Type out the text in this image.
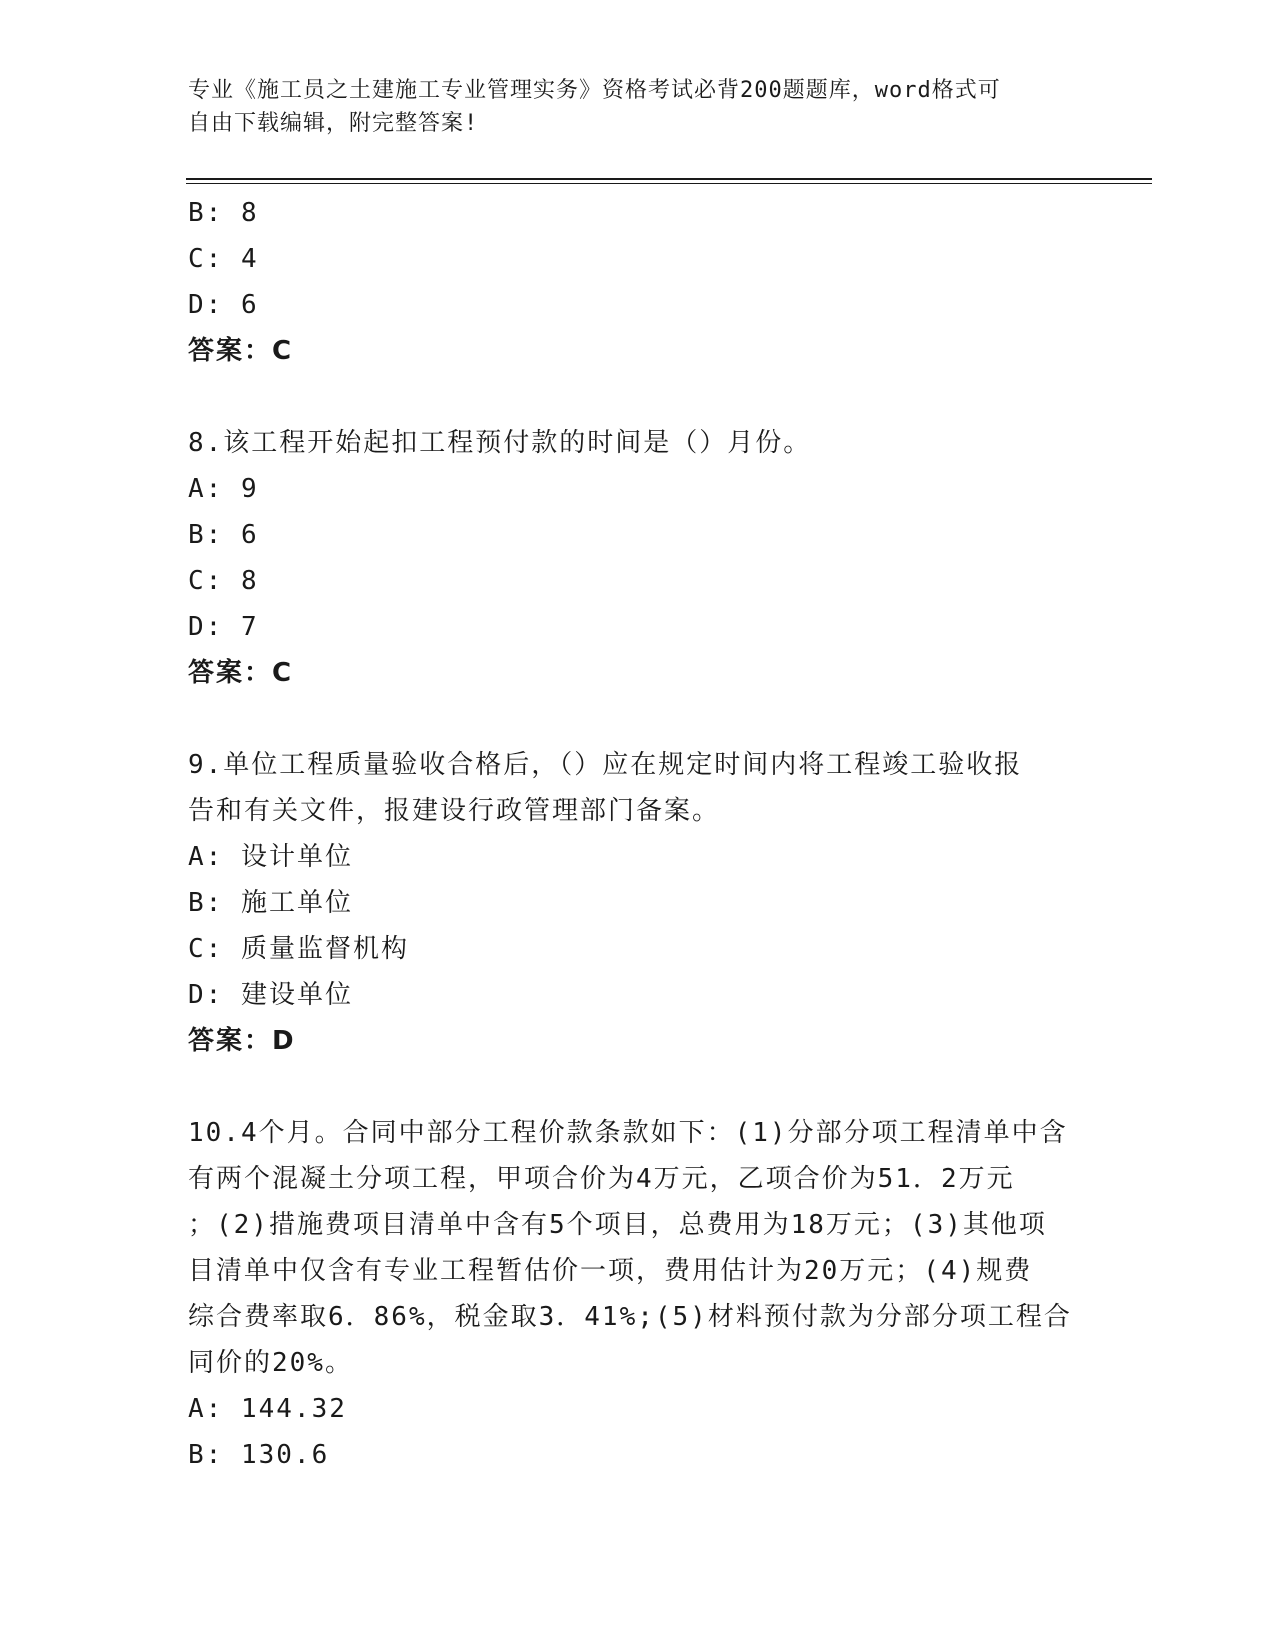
专业《施工员之土建施工专业管理实务》资格考试必背200题题库，word格式可
自由下载编辑，附完整答案!
B: 8
C: 4
D: 6
答案：C
8.该工程开始起扣工程预付款的时间是（）月份。
A: 9
B: 6
C: 8
D: 7
答案：C
9.单位工程质量验收合格后，（）应在规定时间内将工程竣工验收报
告和有关文件，报建设行政管理部门备案。
A: 设计单位
B: 施工单位
C: 质量监督机构
D: 建设单位
答案：D
10.4个月。合同中部分工程价款条款如下：(1)分部分项工程清单中含
有两个混凝土分项工程，甲项合价为4万元，乙项合价为51．2万元
；(2)措施费项目清单中含有5个项目，总费用为18万元；(3)其他项
目清单中仅含有专业工程暂估价一项，费用估计为20万元；(4)规费
综合费率取6．86%，税金取3．41%;(5)材料预付款为分部分项工程合
同价的20%。
A: 144.32
B: 130.6
